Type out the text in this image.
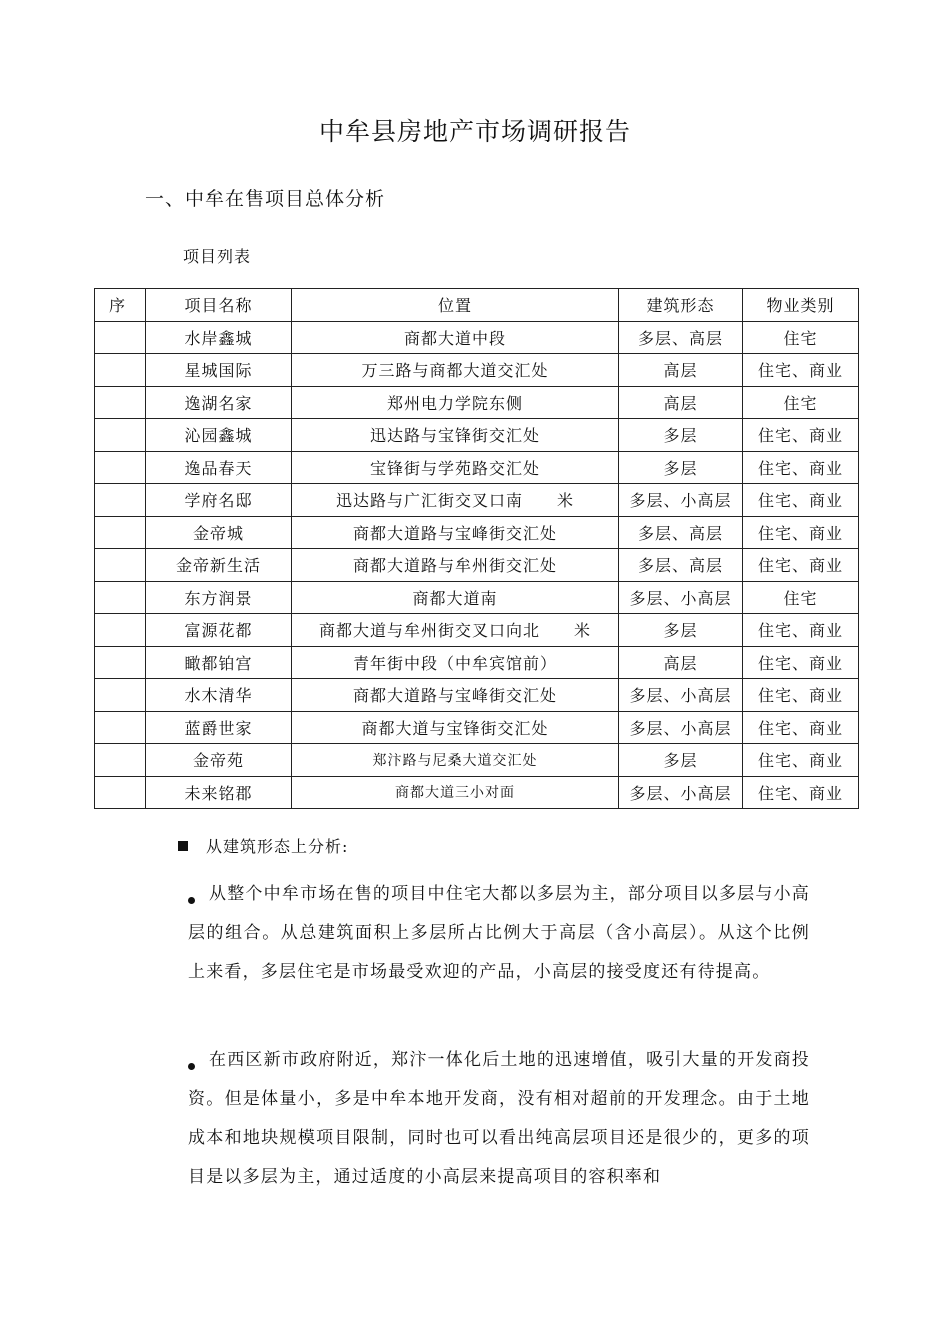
中牟县房地产市场调研报告
一、中牟在售项目总体分析
项目列表
序	项目名称	位置	建筑形态	物业类别
	水岸鑫城	商都大道中段	多层、高层	住宅
	星城国际	万三路与商都大道交汇处	高层	住宅、商业
	逸湖名家	郑州电力学院东侧	高层	住宅
	沁园鑫城	迅达路与宝锋街交汇处	多层	住宅、商业
	逸品春天	宝锋街与学苑路交汇处	多层	住宅、商业
	学府名邸	迅达路与广汇街交叉口南　　米	多层、小高层	住宅、商业
	金帝城	商都大道路与宝峰街交汇处	多层、高层	住宅、商业
	金帝新生活	商都大道路与牟州街交汇处	多层、高层	住宅、商业
	东方润景	商都大道南	多层、小高层	住宅
	富源花都	商都大道与牟州街交叉口向北　　米	多层	住宅、商业
	瞰都铂宫	青年街中段（中牟宾馆前）	高层	住宅、商业
	水木清华	商都大道路与宝峰街交汇处	多层、小高层	住宅、商业
	蓝爵世家	商都大道与宝锋街交汇处	多层、小高层	住宅、商业
	金帝苑	郑汴路与尼桑大道交汇处	多层	住宅、商业
	未来铭郡	商都大道三小对面	多层、小高层	住宅、商业
从建筑形态上分析:

从整个中牟市场在售的项目中住宅大都以多层为主，部分项目以多层与小高层的组合。从总建筑面积上多层所占比例大于高层（含小高层）。从这个比例上来看，多层住宅是市场最受欢迎的产品，小高层的接受度还有待提高。

在西区新市政府附近，郑汴一体化后土地的迅速增值，吸引大量的开发商投资。但是体量小，多是中牟本地开发商，没有相对超前的开发理念。由于土地成本和地块规模项目限制，同时也可以看出纯高层项目还是很少的，更多的项目是以多层为主，通过适度的小高层来提高项目的容积率和
